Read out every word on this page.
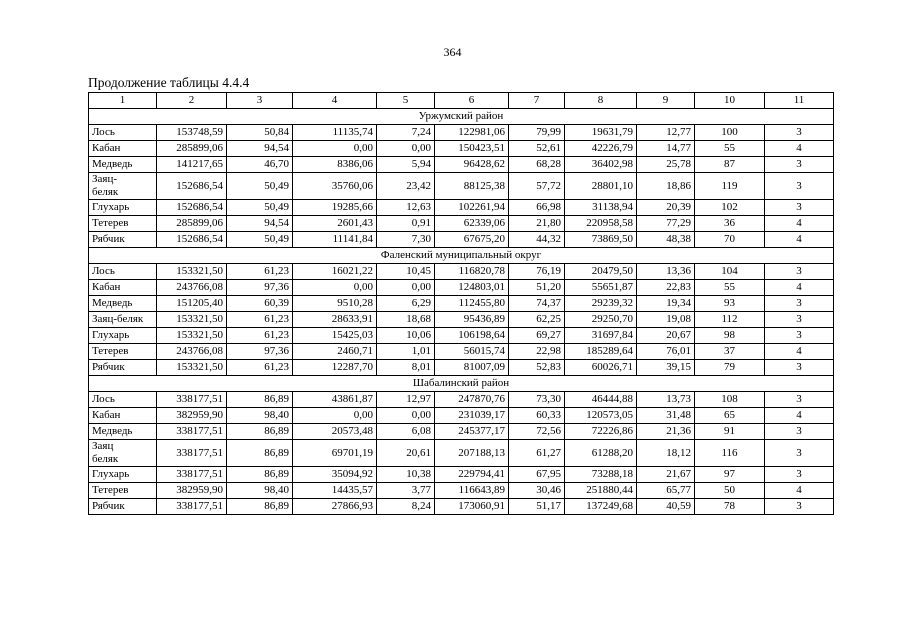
364
Продолжение таблицы 4.4.4
1	2	3	4	5	6	7	8	9	10	11
Уржумский район										
Лось	153748,59	50,84	11135,74	7,24	122981,06	79,99	19631,79	12,77	100	3
Кабан	285899,06	94,54	0,00	0,00	150423,51	52,61	42226,79	14,77	55	4
Медведь	141217,65	46,70	8386,06	5,94	96428,62	68,28	36402,98	25,78	87	3
Заяц-
беляк	152686,54	50,49	35760,06	23,42	88125,38	57,72	28801,10	18,86	119	3
Глухарь	152686,54	50,49	19285,66	12,63	102261,94	66,98	31138,94	20,39	102	3
Тетерев	285899,06	94,54	2601,43	0,91	62339,06	21,80	220958,58	77,29	36	4
Рябчик	152686,54	50,49	11141,84	7,30	67675,20	44,32	73869,50	48,38	70	4
Фаленский муниципальный округ										
Лось	153321,50	61,23	16021,22	10,45	116820,78	76,19	20479,50	13,36	104	3
Кабан	243766,08	97,36	0,00	0,00	124803,01	51,20	55651,87	22,83	55	4
Медведь	151205,40	60,39	9510,28	6,29	112455,80	74,37	29239,32	19,34	93	3
Заяц-беляк	153321,50	61,23	28633,91	18,68	95436,89	62,25	29250,70	19,08	112	3
Глухарь	153321,50	61,23	15425,03	10,06	106198,64	69,27	31697,84	20,67	98	3
Тетерев	243766,08	97,36	2460,71	1,01	56015,74	22,98	185289,64	76,01	37	4
Рябчик	153321,50	61,23	12287,70	8,01	81007,09	52,83	60026,71	39,15	79	3
Шабалинский район										
Лось	338177,51	86,89	43861,87	12,97	247870,76	73,30	46444,88	13,73	108	3
Кабан	382959,90	98,40	0,00	0,00	231039,17	60,33	120573,05	31,48	65	4
Медведь	338177,51	86,89	20573,48	6,08	245377,17	72,56	72226,86	21,36	91	3
Заяц
беляк	338177,51	86,89	69701,19	20,61	207188,13	61,27	61288,20	18,12	116	3
Глухарь	338177,51	86,89	35094,92	10,38	229794,41	67,95	73288,18	21,67	97	3
Тетерев	382959,90	98,40	14435,57	3,77	116643,89	30,46	251880,44	65,77	50	4
Рябчик	338177,51	86,89	27866,93	8,24	173060,91	51,17	137249,68	40,59	78	3
